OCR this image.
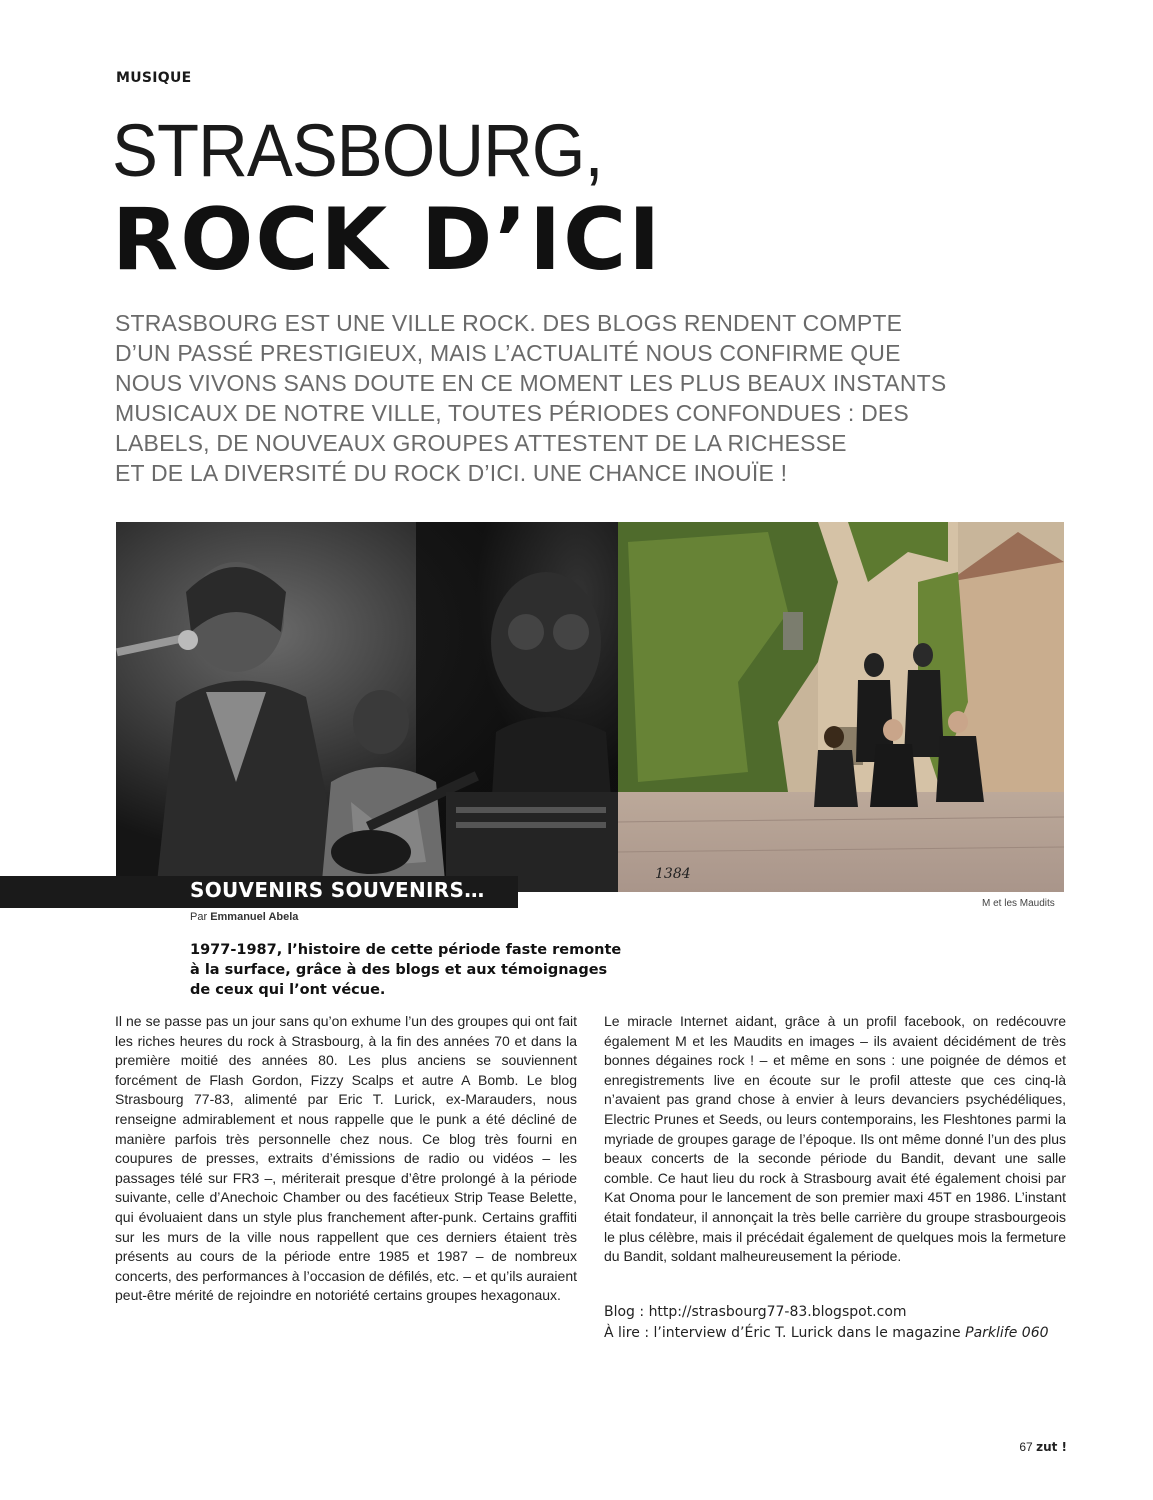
MUSIQUE
STRASBOURG,
ROCK D’ICI
STRASBOURG EST UNE VILLE ROCK. DES BLOGS RENDENT COMPTE
D’UN PASSÉ PRESTIGIEUX, MAIS L’ACTUALITÉ NOUS CONFIRME QUE
NOUS VIVONS SANS DOUTE EN CE MOMENT LES PLUS BEAUX INSTANTS
MUSICAUX DE NOTRE VILLE, TOUTES PÉRIODES CONFONDUES : DES
LABELS, DE NOUVEAUX GROUPES ATTESTENT DE LA RICHESSE
ET DE LA DIVERSITÉ DU ROCK D’ICI. UNE CHANCE INOUÏE !
1384
SOUVENIRS SOUVENIRS…
Par Emmanuel Abela
M et les Maudits
1977-1987, l’histoire de cette période faste remonte
à la surface, grâce à des blogs et aux témoignages
de ceux qui l’ont vécue.
Il ne se passe pas un jour sans qu’on exhume l’un des groupes qui ont fait les riches heures du rock à Strasbourg, à la fin des années 70 et dans la première moitié des années 80. Les plus anciens se souviennent forcément de Flash Gordon, Fizzy Scalps et autre A Bomb. Le blog Strasbourg 77-83, alimenté par Eric T. Lurick, ex-Marauders, nous renseigne admirablement et nous rappelle que le punk a été décliné de manière parfois très personnelle chez nous. Ce blog très fourni en coupures de presses, extraits d’émissions de radio ou vidéos – les passages télé sur FR3 –, mériterait presque d’être prolongé à la période suivante, celle d’Anechoic Chamber ou des facétieux Strip Tease Belette, qui évoluaient dans un style plus franchement after-punk. Certains graffiti sur les murs de la ville nous rappellent que ces derniers étaient très présents au cours de la période entre 1985 et 1987 – de nombreux concerts, des performances à l’occasion de défilés, etc. – et qu’ils auraient peut-être mérité de rejoindre en notoriété certains groupes hexagonaux.
Le miracle Internet aidant, grâce à un profil facebook, on redécouvre également M et les Maudits en images – ils avaient décidément de très bonnes dégaines rock ! – et même en sons : une poignée de démos et enregistrements live en écoute sur le profil atteste que ces cinq-là n’avaient pas grand chose à envier à leurs devanciers psychédéliques, Electric Prunes et Seeds, ou leurs contemporains, les Fleshtones parmi la myriade de groupes garage de l’époque. Ils ont même donné l’un des plus beaux concerts de la seconde période du Bandit, devant une salle comble. Ce haut lieu du rock à Strasbourg avait été également choisi par Kat Onoma pour le lancement de son premier maxi 45T en 1986. L’instant était fondateur, il annonçait la très belle carrière du groupe strasbourgeois le plus célèbre, mais il précédait également de quelques mois la fermeture du Bandit, soldant malheureusement la période.
Blog : http://strasbourg77-83.blogspot.com
À lire : l’interview d’Éric T. Lurick dans le magazine Parklife 060
67 zut !
